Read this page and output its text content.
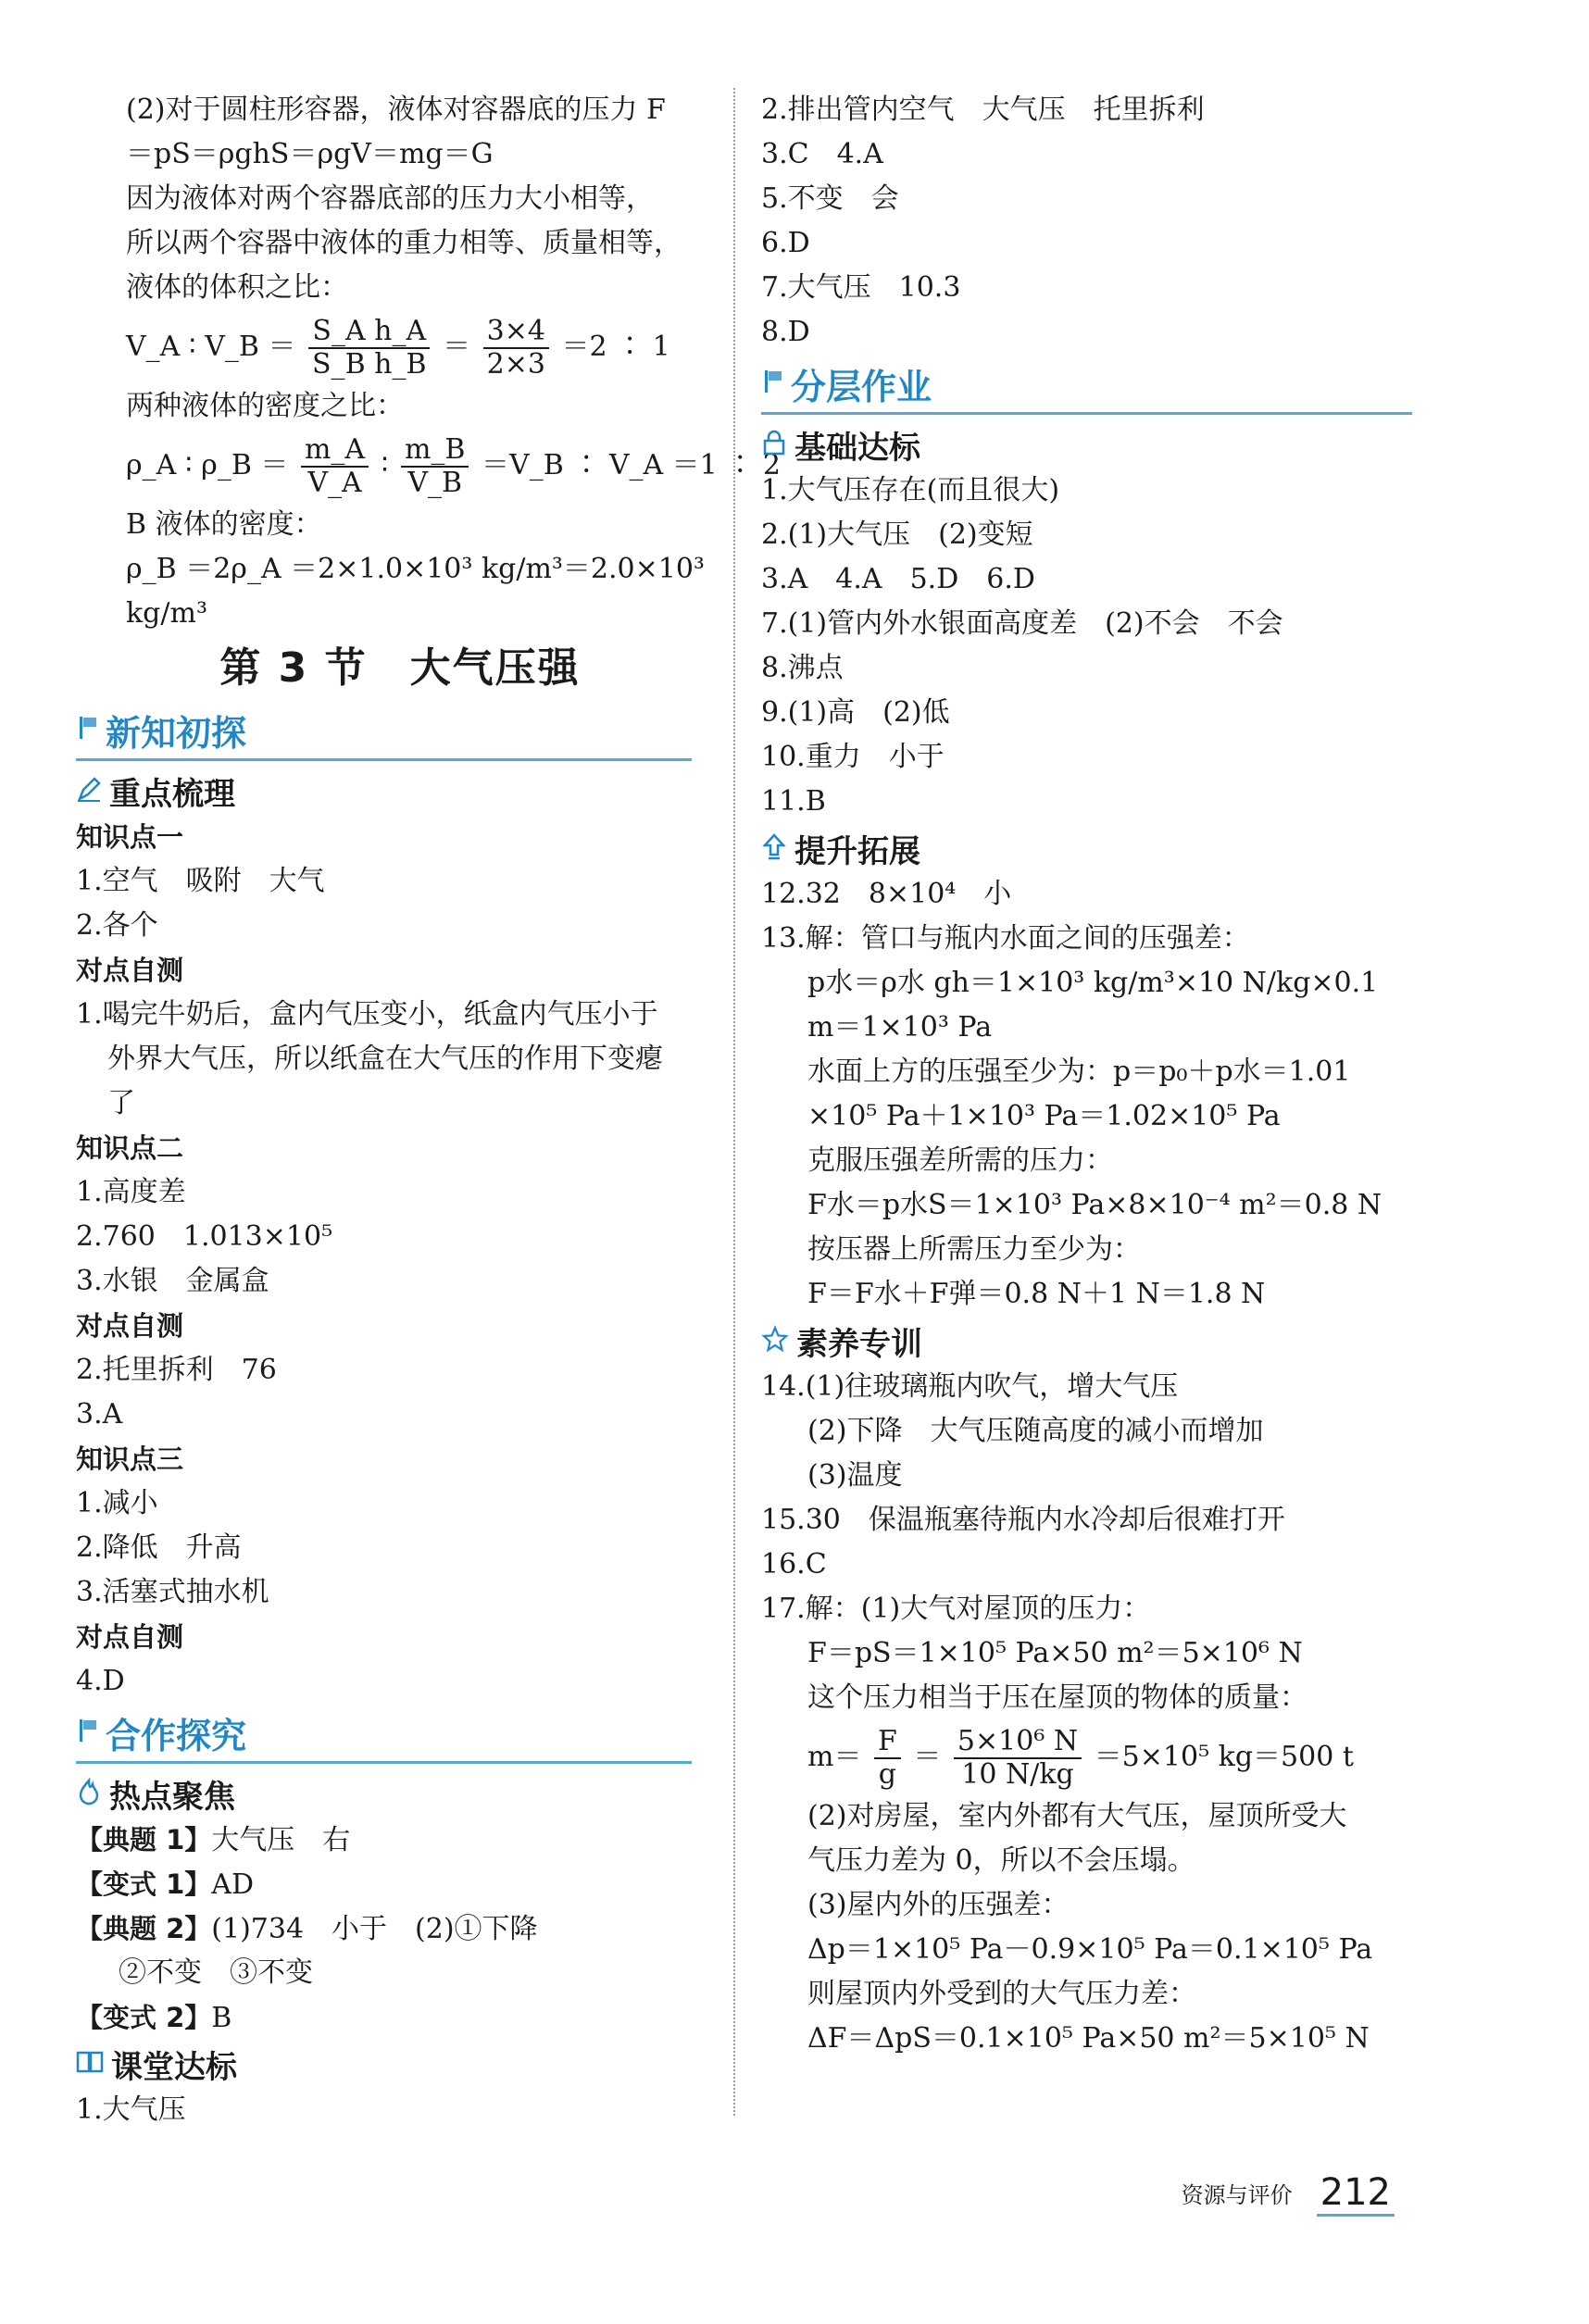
(2)对于圆柱形容器，液体对容器底的压力 F
＝pS＝ρghS＝ρgV＝mg＝G
因为液体对两个容器底部的压力大小相等，
所以两个容器中液体的重力相等、质量相等，
液体的体积之比：
V_A ∶ V_B ＝ $\frac{\text{S\_A h\_A}}{\text{S\_B h\_B}} = \frac{3\times 4}{2\times 3} =2$ ∶ 1
两种液体的密度之比：
ρ_A ∶ ρ_B ＝ $\frac{m\_A}{V\_A}$ ∶ $\frac{m\_B}{V\_B}$ ＝V_B ∶ V_A ＝1 ∶ 2
B 液体的密度：
ρ_B ＝2ρ_A ＝2×1.0×10³ kg/m³＝2.0×10³
kg/m³
第 3 节　大气压强
新知初探
重点梳理
知识点一
1.空气　吸附　大气
2.各个
对点自测
1.喝完牛奶后，盒内气压变小，纸盒内气压小于
外界大气压，所以纸盒在大气压的作用下变瘪
了
知识点二
1.高度差
2.760　1.013×10⁵
3.水银　金属盒
对点自测
2.托里拆利　76
3.A
知识点三
1.减小
2.降低　升高
3.活塞式抽水机
对点自测
4.D
合作探究
热点聚焦
【典题 1】大气压　右
【变式 1】AD
【典题 2】(1)734　小于　(2)①下降
②不变　③不变
【变式 2】B
课堂达标
1.大气压
2.排出管内空气　大气压　托里拆利
3.C　4.A
5.不变　会
6.D
7.大气压　10.3
8.D
分层作业
基础达标
1.大气压存在(而且很大)
2.(1)大气压　(2)变短
3.A　4.A　5.D　6.D
7.(1)管内外水银面高度差　(2)不会　不会
8.沸点
9.(1)高　(2)低
10.重力　小于
11.B
提升拓展
12.32　8×10⁴　小
13.解：管口与瓶内水面之间的压强差：
p水＝ρ水 gh＝1×10³ kg/m³×10 N/kg×0.1
m＝1×10³ Pa
水面上方的压强至少为：p＝p₀＋p水＝1.01
×10⁵ Pa＋1×10³ Pa＝1.02×10⁵ Pa
克服压强差所需的压力：
F水＝p水S＝1×10³ Pa×8×10⁻⁴ m²＝0.8 N
按压器上所需压力至少为：
F＝F水＋F弹＝0.8 N＋1 N＝1.8 N
素养专训
14.(1)往玻璃瓶内吹气，增大气压
(2)下降　大气压随高度的减小而增加
(3)温度
15.30　保温瓶塞待瓶内水冷却后很难打开
16.C
17.解：(1)大气对屋顶的压力：
F＝pS＝1×10⁵ Pa×50 m²＝5×10⁶ N
这个压力相当于压在屋顶的物体的质量：
$m= \frac{F}{g} = \frac{\text{5×10⁶ N}}{10 N/kg} =5\times 10^5$ kg＝500 t
(2)对房屋，室内外都有大气压，屋顶所受大
气压力差为 0，所以不会压塌。
(3)屋内外的压强差：
Δp＝1×10⁵ Pa－0.9×10⁵ Pa＝0.1×10⁵ Pa
则屋顶内外受到的大气压力差：
ΔF＝ΔpS＝0.1×10⁵ Pa×50 m²＝5×10⁵ N
资源与评价 212
